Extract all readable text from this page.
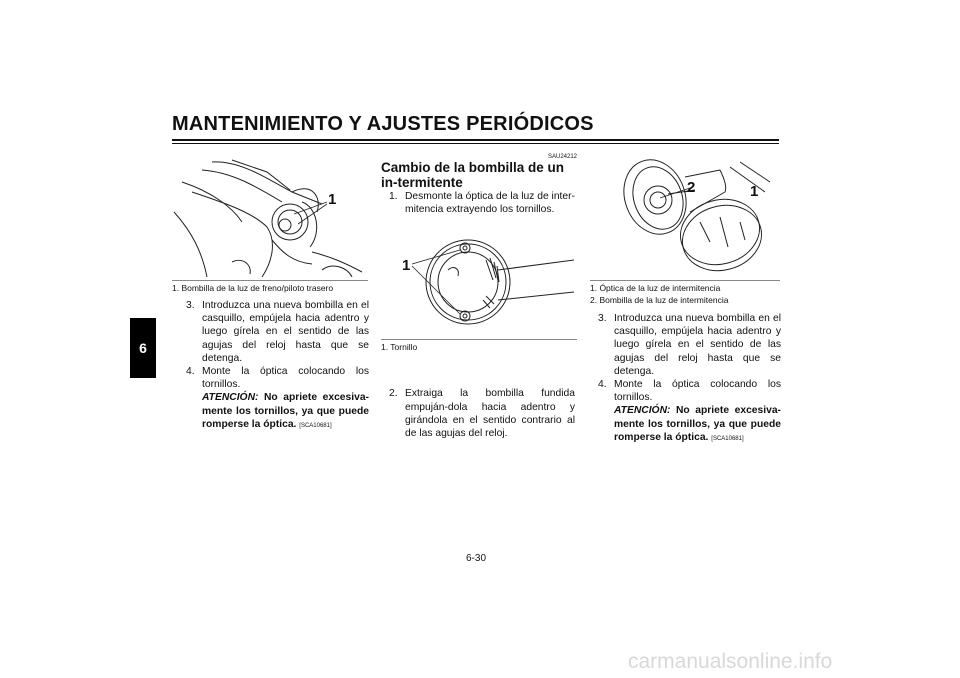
MANTENIMIENTO Y AJUSTES PERIÓDICOS
6
1
1. Bombilla de la luz de freno/piloto trasero
3. Introduzca una nueva bombilla en el casquillo, empújela hacia adentro y luego gírela en el sentido de las agujas del reloj hasta que se detenga.
4. Monte la óptica colocando los tornillos.
ATENCIÓN: No apriete excesiva-mente los tornillos, ya que puede romperse la óptica. [SCA10681]
SAU24212
Cambio de la bombilla de un in-termitente
1. Desmonte la óptica de la luz de inter-mitencia extrayendo los tornillos.
1
1. Tornillo
2. Extraiga la bombilla fundida empuján-dola hacia adentro y girándola en el sentido contrario al de las agujas del reloj.
2	1
1. Óptica de la luz de intermitencia
2. Bombilla de la luz de intermitencia
3. Introduzca una nueva bombilla en el casquillo, empújela hacia adentro y luego gírela en el sentido de las agujas del reloj hasta que se detenga.
4. Monte la óptica colocando los tornillos.
ATENCIÓN: No apriete excesiva-mente los tornillos, ya que puede romperse la óptica. [SCA10681]
6-30
carmanualsonline.info
